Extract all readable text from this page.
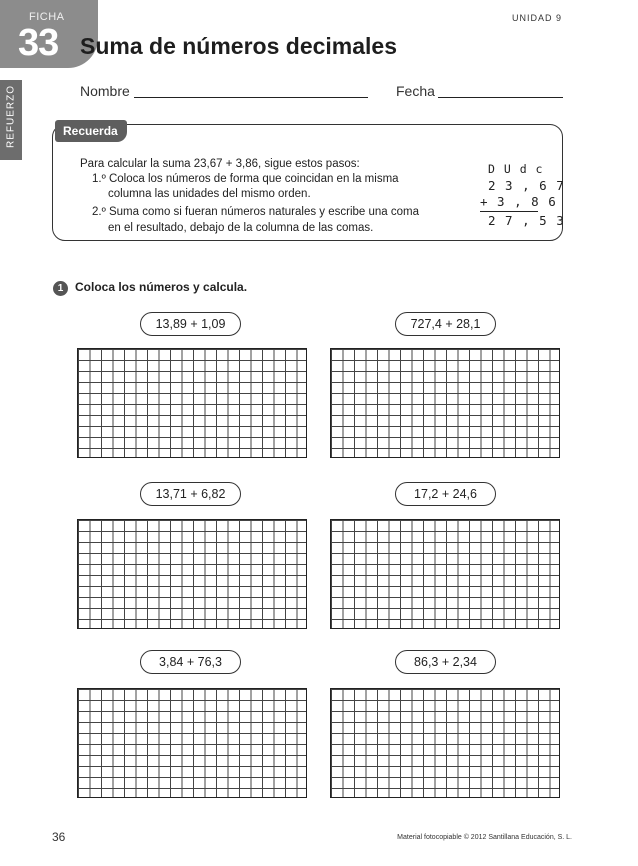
FICHA
33
UNIDAD 9
Suma de números decimales
REFUERZO	Nombre	Fecha
Recuerda
Para calcular la suma 23,67 + 3,86, sigue estos pasos:
1.º Coloca los números de forma que coincidan en la misma
columna las unidades del mismo orden.
2.º Suma como si fueran números naturales y escribe una coma
en el resultado, debajo de la columna de las comas.
D U d c
2 3 , 6 7
+ 3 , 8 6
2 7 , 5 3
1 Coloca los números y calcula.
13,89 + 1,09	727,4 + 28,1
13,71 + 6,82	17,2 + 24,6
3,84 + 76,3	86,3 + 2,34
36	Material fotocopiable © 2012 Santillana Educación, S. L.
